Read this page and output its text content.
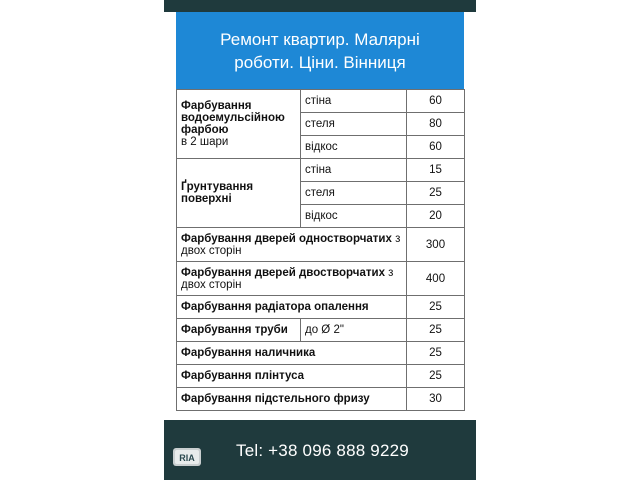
Ремонт квартир. Малярні роботи. Ціни. Вінниця
Фарбування водоемульсійною фарбою
в 2 шари	стіна	60
	стеля	80
	відкос	60
Ґрунтування поверхні	стіна	15
	стеля	25
	відкос	20
Фарбування дверей одностворчатих з двох сторін		300
Фарбування дверей двостворчатих з двох сторін		400
Фарбування радіатора опалення		25
Фарбування труби	до Ø 2"	25
Фарбування наличника		25
Фарбування плінтуса		25
Фарбування підстельного фризу		30
RIA Tel: +38 096 888 9229
